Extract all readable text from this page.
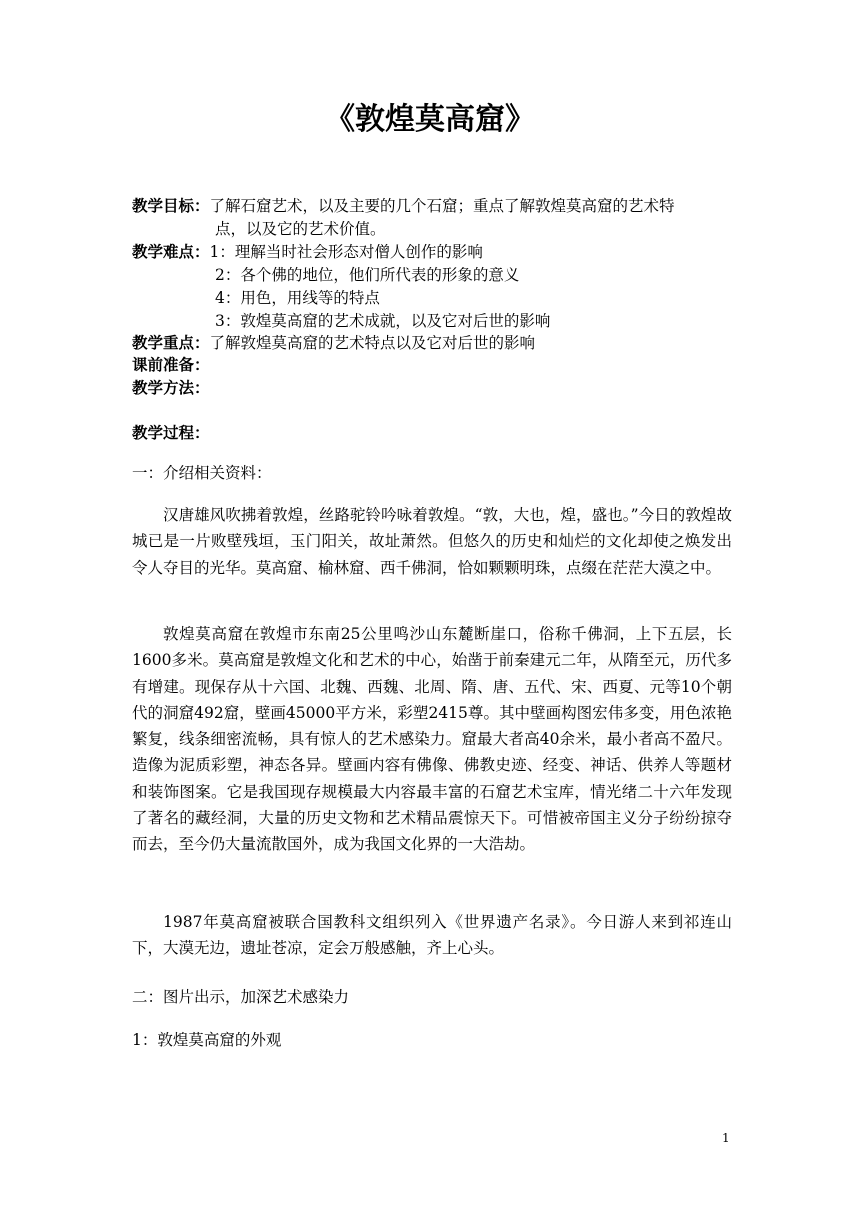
《敦煌莫高窟》
教学目标：了解石窟艺术，以及主要的几个石窟；重点了解敦煌莫高窟的艺术特
点，以及它的艺术价值。
教学难点：1：理解当时社会形态对僧人创作的影响
2：各个佛的地位，他们所代表的形象的意义
4：用色，用线等的特点
3：敦煌莫高窟的艺术成就，以及它对后世的影响
教学重点：了解敦煌莫高窟的艺术特点以及它对后世的影响
课前准备：
教学方法：
教学过程：
一：介绍相关资料：
汉唐雄风吹拂着敦煌，丝路驼铃吟咏着敦煌。“敦，大也，煌，盛也。”今日的敦煌故城已是一片败壁残垣，玉门阳关，故址萧然。但悠久的历史和灿烂的文化却使之焕发出令人夺目的光华。莫高窟、榆林窟、西千佛洞，恰如颗颗明珠，点缀在茫茫大漠之中。
敦煌莫高窟在敦煌市东南25公里鸣沙山东麓断崖口，俗称千佛洞，上下五层，长1600多米。莫高窟是敦煌文化和艺术的中心，始凿于前秦建元二年，从隋至元，历代多有增建。现保存从十六国、北魏、西魏、北周、隋、唐、五代、宋、西夏、元等10个朝代的洞窟492窟，壁画45000平方米，彩塑2415尊。其中壁画构图宏伟多变，用色浓艳繁复，线条细密流畅，具有惊人的艺术感染力。窟最大者高40余米，最小者高不盈尺。造像为泥质彩塑，神态各异。壁画内容有佛像、佛教史迹、经变、神话、供养人等题材和装饰图案。它是我国现存规模最大内容最丰富的石窟艺术宝库，情光绪二十六年发现了著名的藏经洞，大量的历史文物和艺术精品震惊天下。可惜被帝国主义分子纷纷掠夺而去，至今仍大量流散国外，成为我国文化界的一大浩劫。
1987年莫高窟被联合国教科文组织列入《世界遗产名录》。今日游人来到祁连山下，大漠无边，遗址苍凉，定会万般感触，齐上心头。
二：图片出示，加深艺术感染力
1：敦煌莫高窟的外观
1
